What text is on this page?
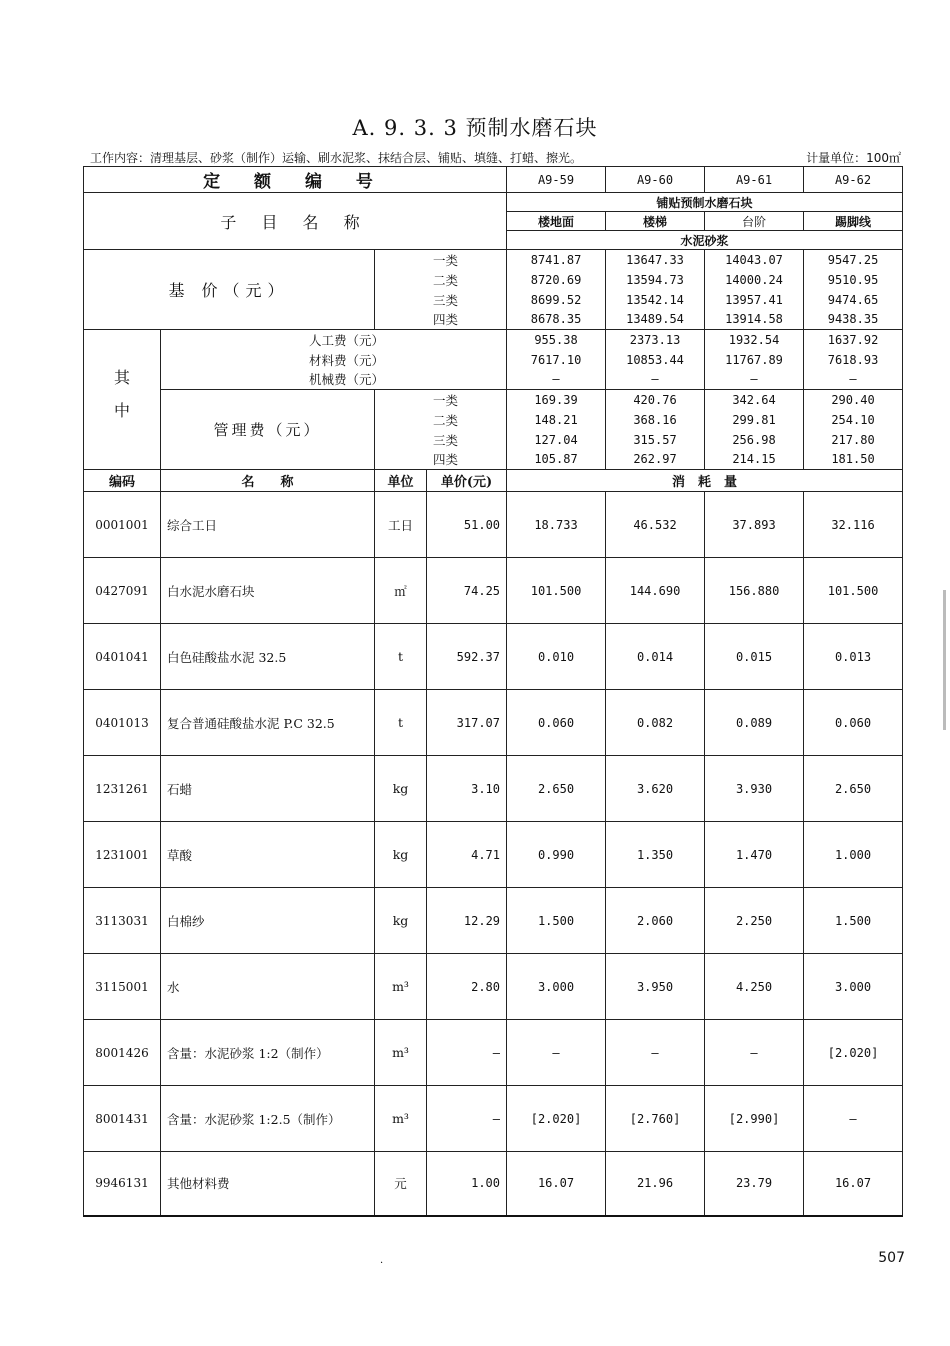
A. 9. 3. 3 预制水磨石块
工作内容：清理基层、砂浆（制作）运输、刷水泥浆、抹结合层、铺贴、填缝、打蜡、擦光。	计量单位：100㎡
定 额 编 号				A9-59	A9-60	A9-61	A9-62
子 目 名 称				铺贴预制水磨石块			
				楼地面	楼梯	台阶	踢脚线
				水泥砂浆			
基 价（元）		一类		8741.87	13647.33	14043.07	9547.25
		二类		8720.69	13594.73	14000.24	9510.95
		三类		8699.52	13542.14	13957.41	9474.65
		四类		8678.35	13489.54	13914.58	9438.35
其	人工费（元）			955.38	2373.13	1932.54	1637.92
	材料费（元）			7617.10	10853.44	11767.89	7618.93
	机械费（元）			–	–	–	–
中	管理费（元）	一类		169.39	420.76	342.64	290.40
		二类		148.21	368.16	299.81	254.10
		三类		127.04	315.57	256.98	217.80
		四类		105.87	262.97	214.15	181.50
编码	名　　称	单位	单价(元)	消　耗　量			
0001001	综合工日	工日	51.00	18.733	46.532	37.893	32.116
0427091	白水泥水磨石块	㎡	74.25	101.500	144.690	156.880	101.500
0401041	白色硅酸盐水泥 32.5	t	592.37	0.010	0.014	0.015	0.013
0401013	复合普通硅酸盐水泥 P.C 32.5	t	317.07	0.060	0.082	0.089	0.060
1231261	石蜡	kg	3.10	2.650	3.620	3.930	2.650
1231001	草酸	kg	4.71	0.990	1.350	1.470	1.000
3113031	白棉纱	kg	12.29	1.500	2.060	2.250	1.500
3115001	水	m³	2.80	3.000	3.950	4.250	3.000
8001426	含量：水泥砂浆 1:2（制作）	m³	–	–	–	–	[2.020]
8001431	含量：水泥砂浆 1:2.5（制作）	m³	–	[2.020]	[2.760]	[2.990]	–
9946131	其他材料费	元	1.00	16.07	21.96	23.79	16.07
·	507
